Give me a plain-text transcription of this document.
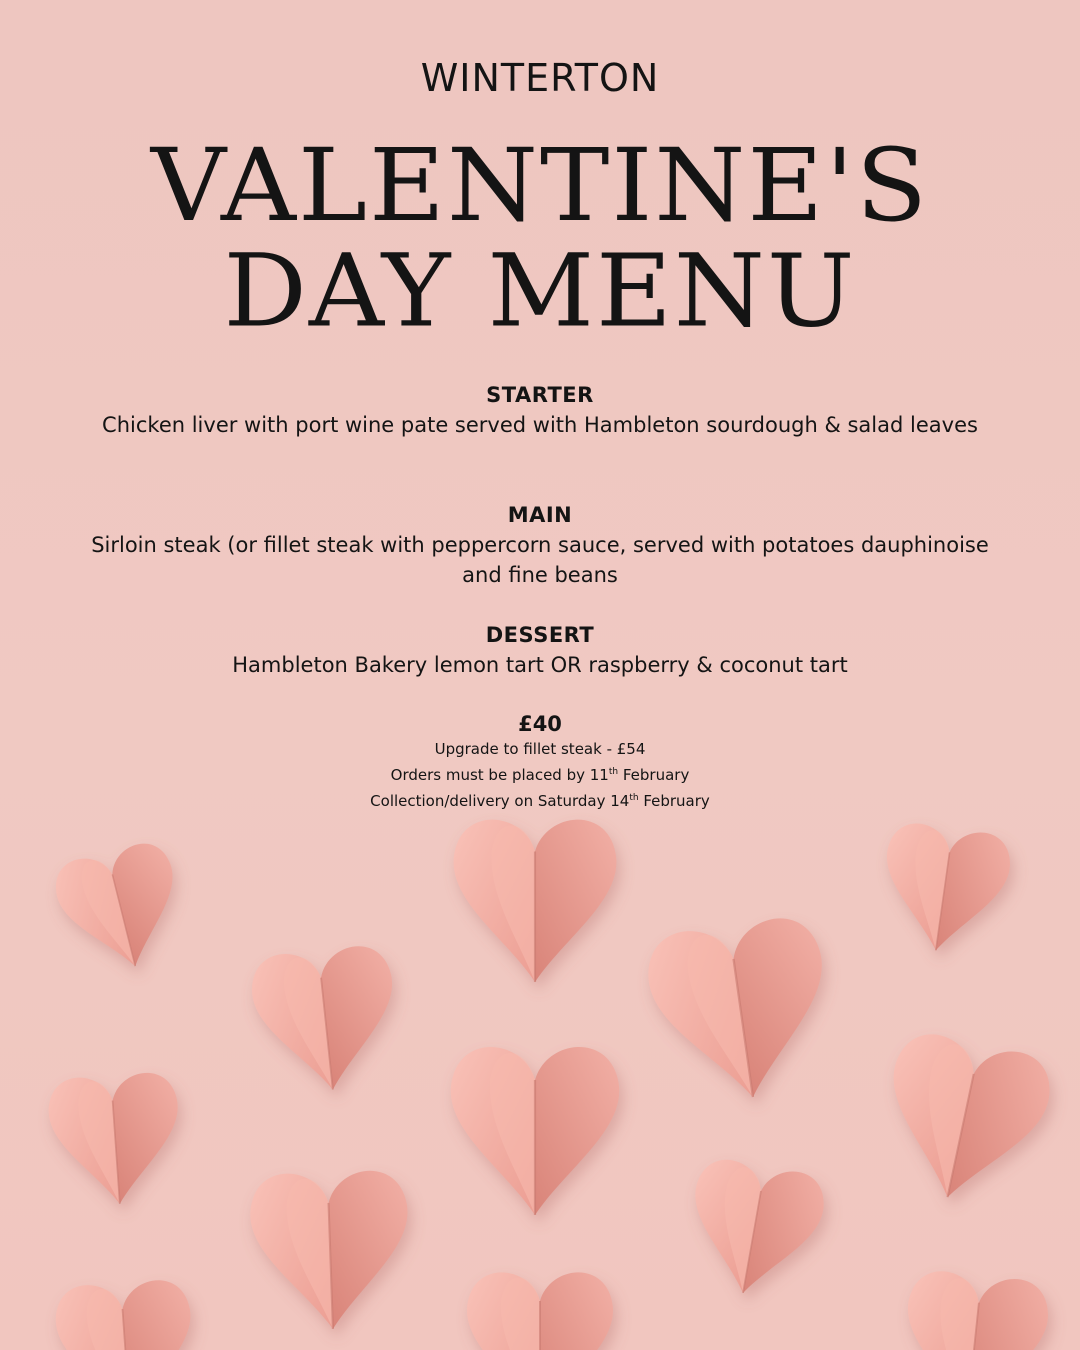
WINTERTON
VALENTINE'S
DAY MENU
STARTER

Chicken liver with port wine pate served with Hambleton sourdough & salad leaves

MAIN

Sirloin steak (or fillet steak with peppercorn sauce, served with potatoes dauphinoise and fine beans

DESSERT

Hambleton Bakery lemon tart OR raspberry & coconut tart

£40
Upgrade to fillet steak - £54
Orders must be placed by 11th February
Collection/delivery on Saturday 14th February
